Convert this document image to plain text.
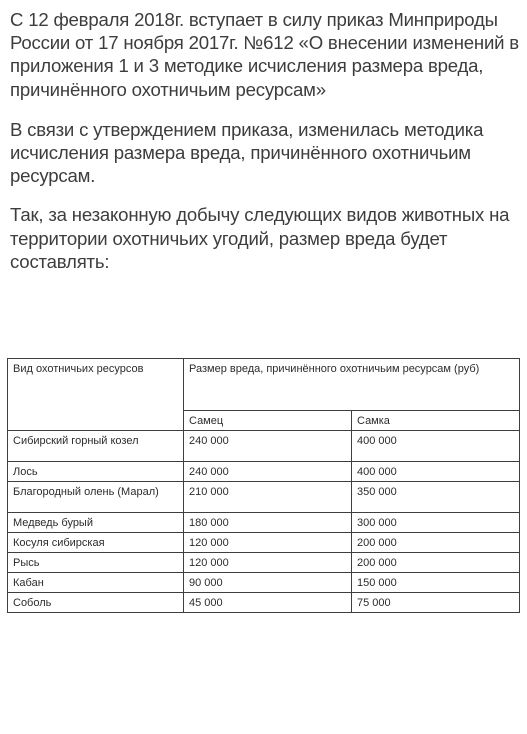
С 12 февраля 2018г. вступает в силу приказ Минприроды России от 17 ноября 2017г. №612 «О внесении изменений в приложения 1 и 3 методике исчисления размера вреда, причинённого охотничьим ресурсам»

В связи с утверждением приказа, изменилась методика исчисления размера вреда, причинённого охотничьим ресурсам.

Так, за незаконную добычу следующих видов животных на территории охотничьих угодий, размер вреда будет составлять:

Вид охотничьих ресурсов	Размер вреда, причинённого охотничьим ресурсам (руб)	
	Самец	Самка
Сибирский горный козел	240 000	400 000
Лось	240 000	400 000
Благородный олень (Марал)	210 000	350 000
Медведь бурый	180 000	300 000
Косуля сибирская	120 000	200 000
Рысь	120 000	200 000
Кабан	90 000	150 000
Соболь	45 000	75 000
